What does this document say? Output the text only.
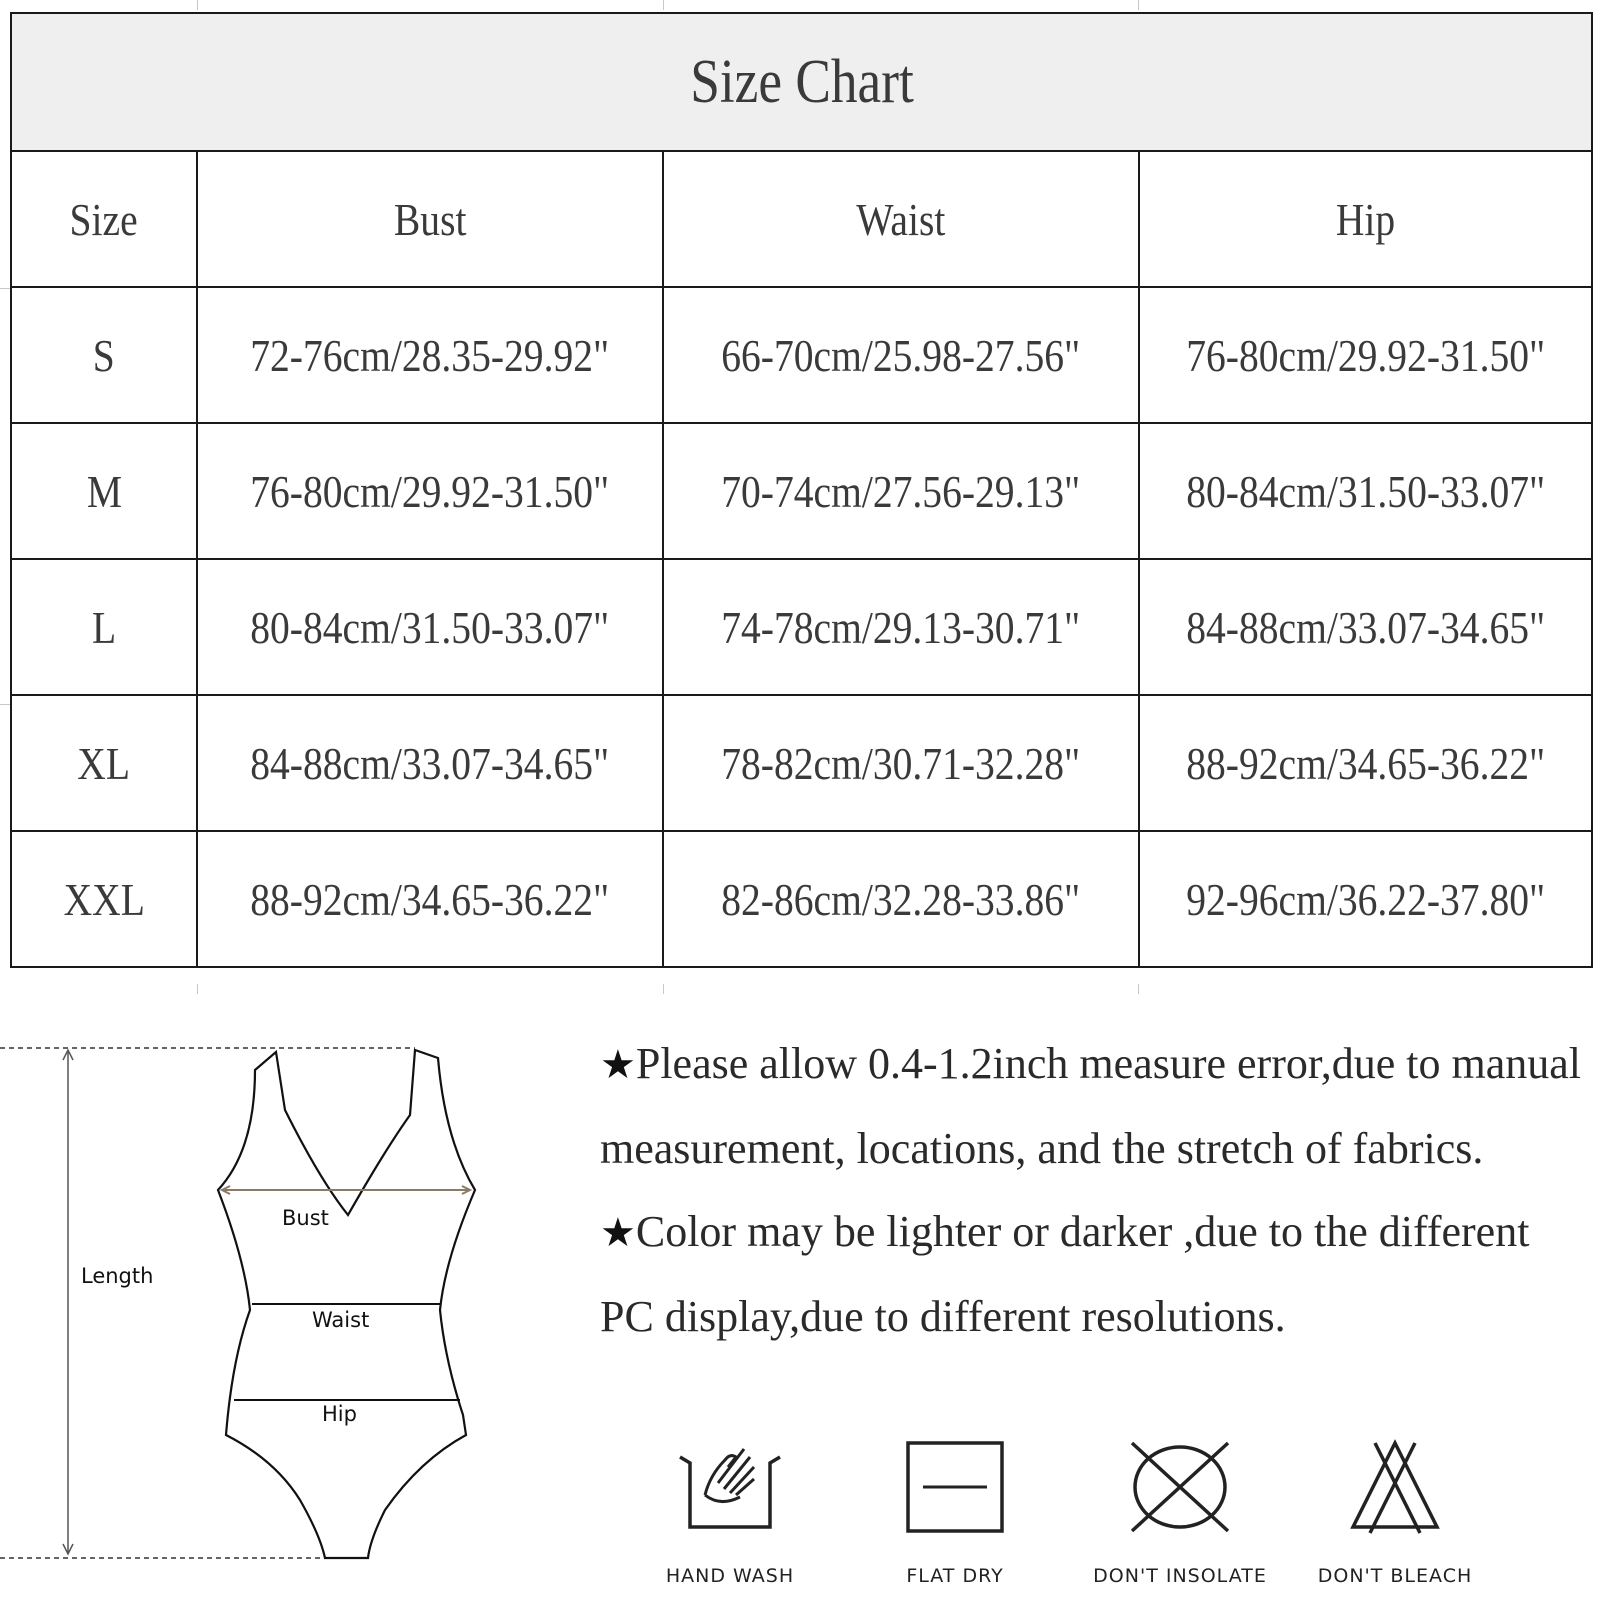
Size Chart			
Size	Bust	Waist	Hip
S	72-76cm/28.35-29.92"	66-70cm/25.98-27.56"	76-80cm/29.92-31.50"
M	76-80cm/29.92-31.50"	70-74cm/27.56-29.13"	80-84cm/31.50-33.07"
L	80-84cm/31.50-33.07"	74-78cm/29.13-30.71"	84-88cm/33.07-34.65"
XL	84-88cm/33.07-34.65"	78-82cm/30.71-32.28"	88-92cm/34.65-36.22"
XXL	88-92cm/34.65-36.22"	82-86cm/32.28-33.86"	92-96cm/36.22-37.80"
Length
Bust
Waist
Hip

★Please allow 0.4-1.2inch measure error,due to manual measurement, locations, and the stretch of fabrics.

★Color may be lighter or darker ,due to the different PC display,due to different resolutions.

HAND WASH	FLAT DRY	DON'T INSOLATE	DON'T BLEACH
